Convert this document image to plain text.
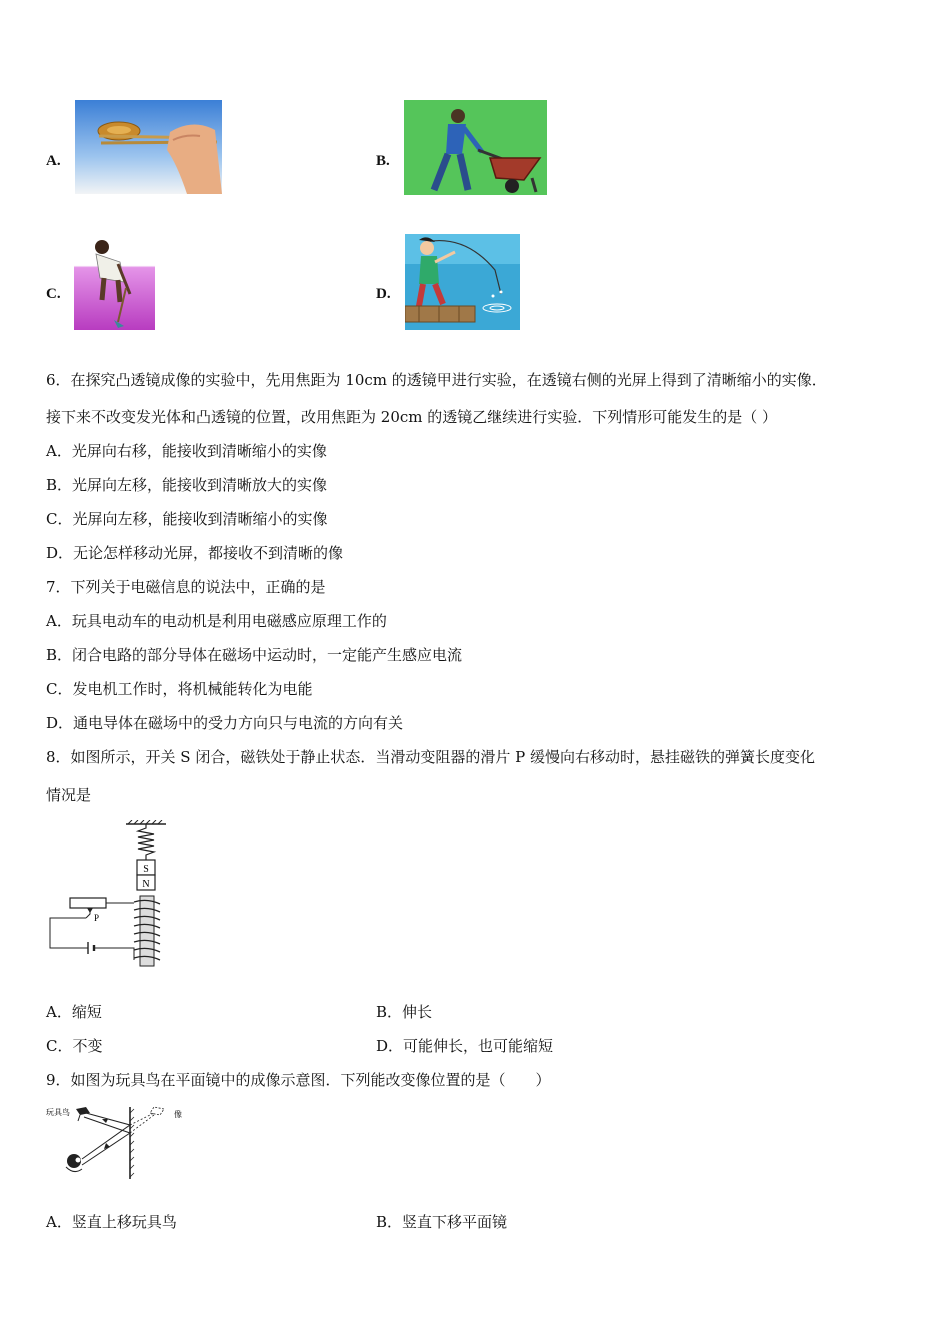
A.	B.
C.	D.
6．在探究凸透镜成像的实验中，先用焦距为 10cm 的透镜甲进行实验，在透镜右侧的光屏上得到了清晰缩小的实像．
接下来不改变发光体和凸透镜的位置，改用焦距为 20cm 的透镜乙继续进行实验．下列情形可能发生的是（ ）
A．光屏向右移，能接收到清晰缩小的实像
B．光屏向左移，能接收到清晰放大的实像
C．光屏向左移，能接收到清晰缩小的实像
D．无论怎样移动光屏，都接收不到清晰的像
7．下列关于电磁信息的说法中，正确的是
A．玩具电动车的电动机是利用电磁感应原理工作的
B．闭合电路的部分导体在磁场中运动时，一定能产生感应电流
C．发电机工作时，将机械能转化为电能
D．通电导体在磁场中的受力方向只与电流的方向有关
8．如图所示，开关 S 闭合，磁铁处于静止状态．当滑动变阻器的滑片 P 缓慢向右移动时，悬挂磁铁的弹簧长度变化
情况是
S
N
P
A．缩短	B．伸长
C．不变	D．可能伸长，也可能缩短
9．如图为玩具鸟在平面镜中的成像示意图．下列能改变像位置的是（　　）
玩具鸟	像
A．竖直上移玩具鸟	B．竖直下移平面镜
